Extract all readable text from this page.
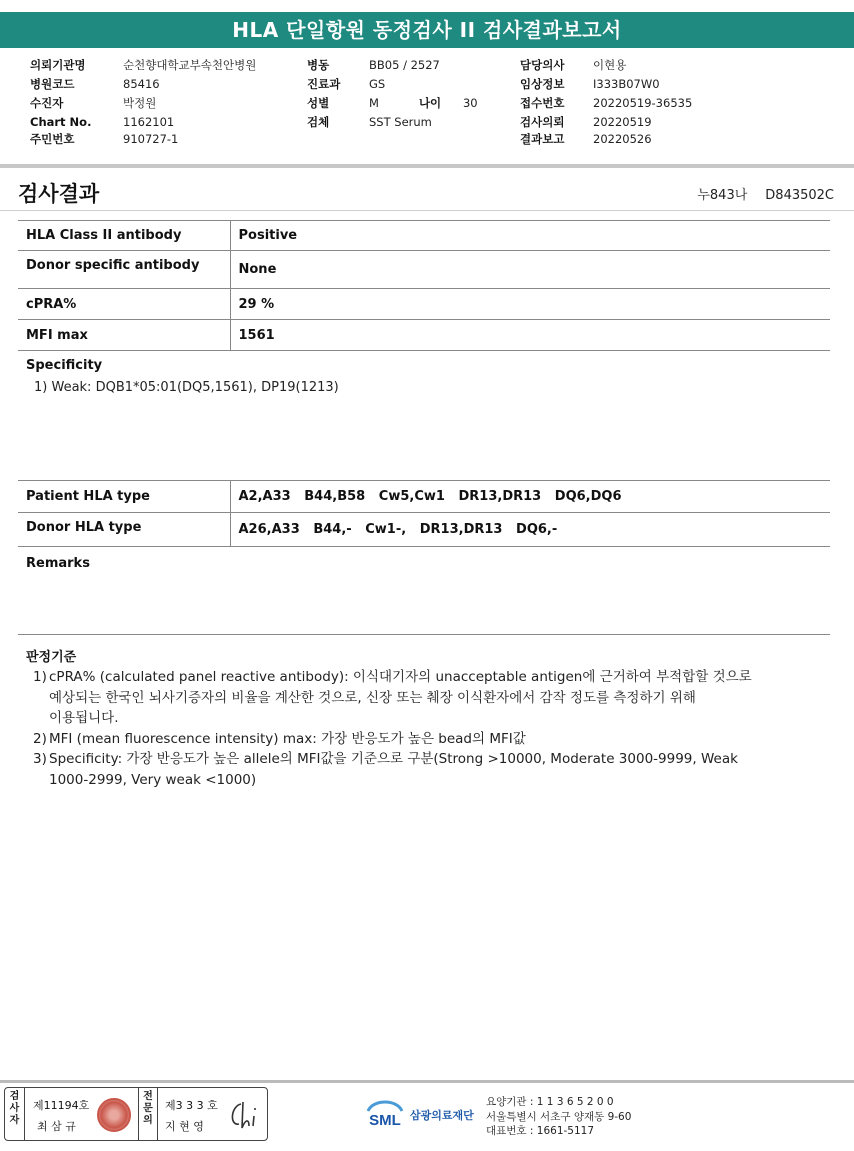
HLA 단일항원 동정검사 II 검사결과보고서
의뢰기관명	순천향대학교부속천안병원
병원코드	85416
수진자	박정원
Chart No.	1162101
주민번호	910727-1
병동	BB05 / 2527
진료과 GS
성별	M	나이 30
검체	SST Serum
담당의사 이현용
임상정보 I333B07W0
접수번호 20220519-36535
검사의뢰 20220519
결과보고 20220526
검사결과	누843나 D843502C
HLA Class II antibody	Positive
Donor specific antibody	None
cPRA%	29 %
MFI max	1561
Specificity
1) Weak: DQB1*05:01(DQ5,1561), DP19(1213)
Patient HLA type	A2,A33   B44,B58   Cw5,Cw1   DR13,DR13   DQ6,DQ6
Donor HLA type	A26,A33   B44,-   Cw1-,   DR13,DR13   DQ6,-
Remarks
판정기준
1) cPRA% (calculated panel reactive antibody): 이식대기자의 unacceptable antigen에 근거하여 부적합할 것으로
예상되는 한국인 뇌사기증자의 비율을 계산한 것으로, 신장 또는 췌장 이식환자에서 감작 정도를 측정하기 위해
이용됩니다.
2) MFI (mean fluorescence intensity) max: 가장 반응도가 높은 bead의 MFI값
3) Specificity: 가장 반응도가 높은 allele의 MFI값을 기준으로 구분(Strong >10000, Moderate 3000-9999, Weak
1000-2999, Very weak <1000)
검사자
제11194호
최 삼 규
전문의
제3 3 3 호
지 현 영	SML 삼광의료재단
요양기관 : 1 1 3 6 5 2 0 0
서울특별시 서초구 양재동 9-60
대표번호 : 1661-5117
